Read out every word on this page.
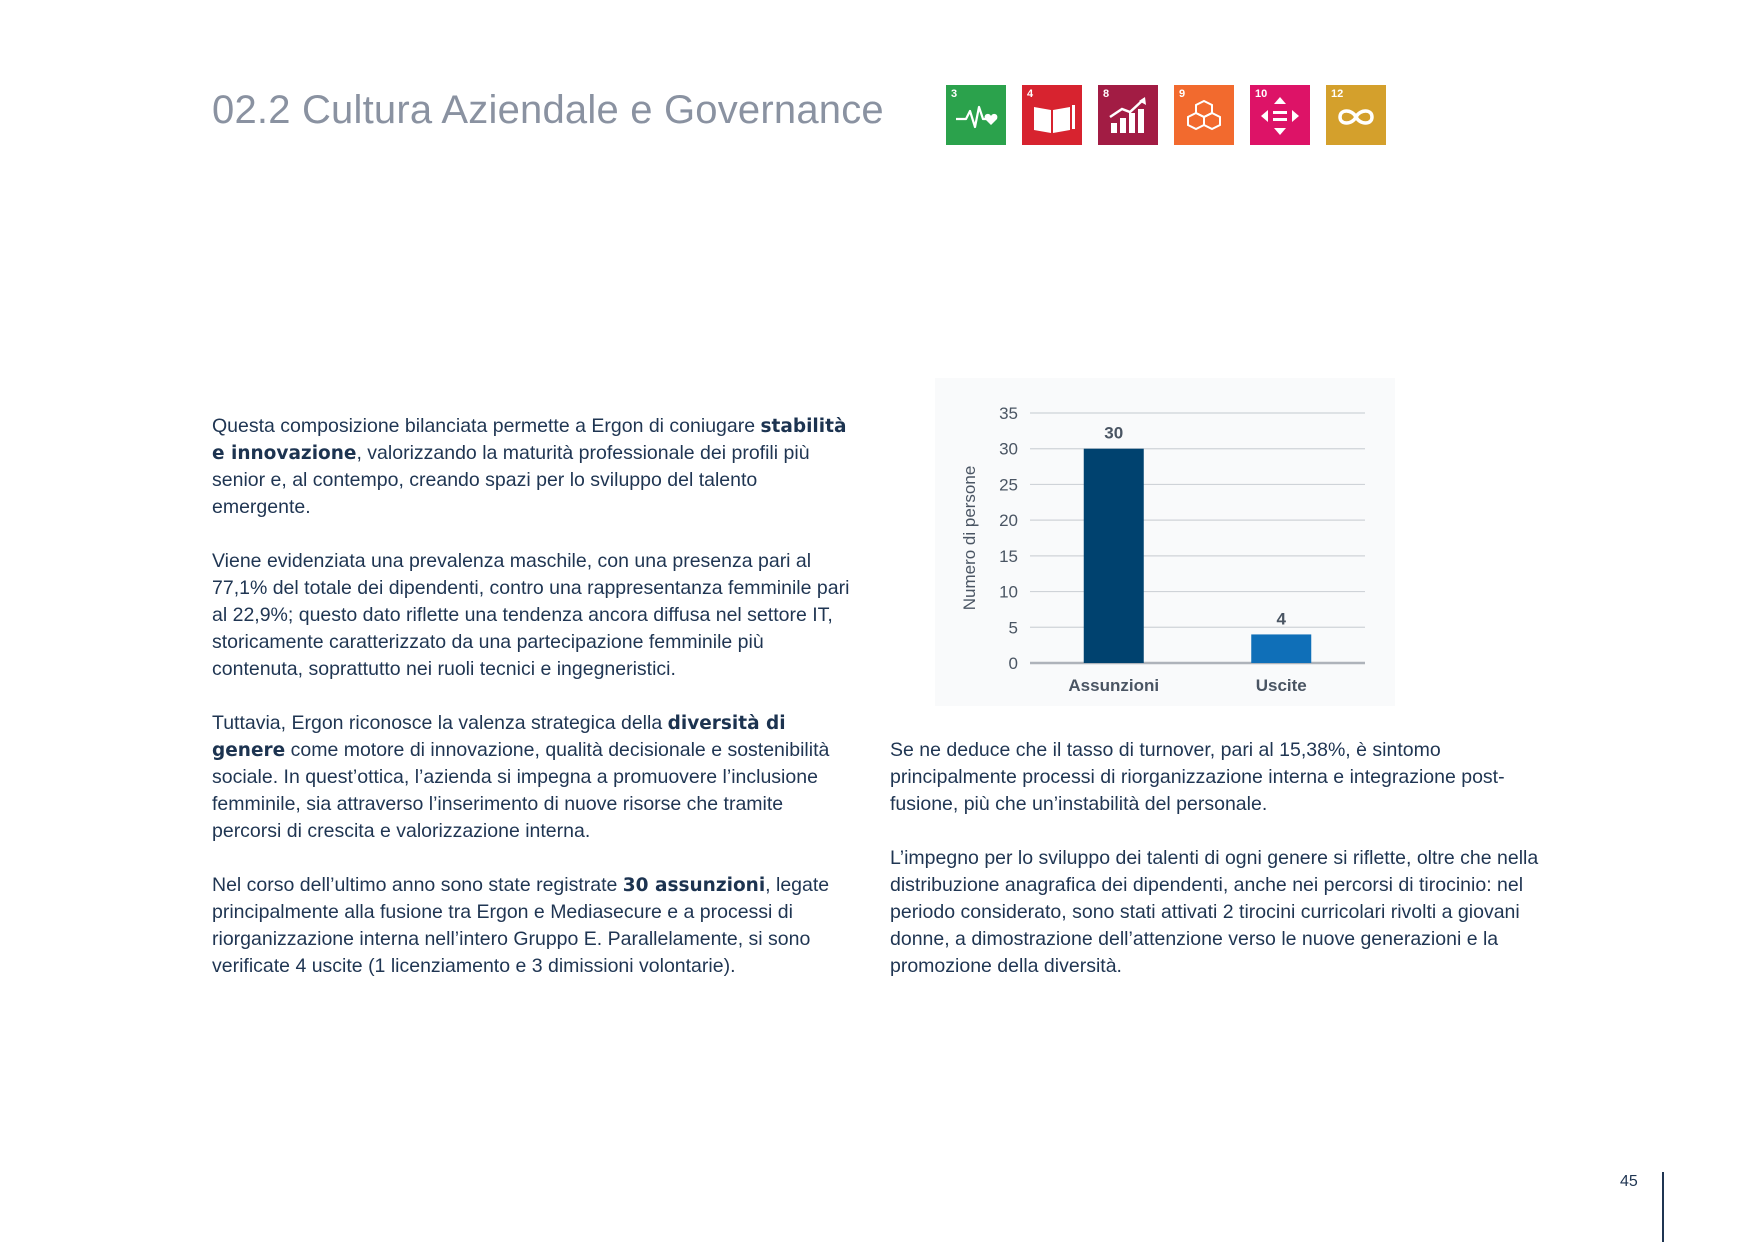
02.2 Cultura Aziendale e Governance	3	4	8	9	10	12

Questa composizione bilanciata permette a Ergon di coniugare stabilità e innovazione, valorizzando la maturità professionale dei profili più senior e, al contempo, creando spazi per lo sviluppo del talento emergente.

Viene evidenziata una prevalenza maschile, con una presenza pari al 77,1% del totale dei dipendenti, contro una rappresentanza femminile pari al 22,9%; questo dato riflette una tendenza ancora diffusa nel settore IT, storicamente caratterizzato da una partecipazione femminile più contenuta, soprattutto nei ruoli tecnici e ingegneristici.

Tuttavia, Ergon riconosce la valenza strategica della diversità di genere come motore di innovazione, qualità decisionale e sostenibilità sociale. In quest’ottica, l’azienda si impegna a promuovere l’inclusione femminile, sia attraverso l’inserimento di nuove risorse che tramite percorsi di crescita e valorizzazione interna.

Nel corso dell’ultimo anno sono state registrate 30 assunzioni, legate principalmente alla fusione tra Ergon e Mediasecure e a processi di riorganizzazione interna nell’intero Gruppo E. Parallelamente, si sono verificate 4 uscite (1 licenziamento e 3 dimissioni volontarie).

0
5
10
15
20
25
30
35
Numero di persone
30
Assunzioni
4
Uscite

Se ne deduce che il tasso di turnover, pari al 15,38%, è sintomo principalmente processi di riorganizzazione interna e integrazione post-fusione, più che un’instabilità del personale.

L’impegno per lo sviluppo dei talenti di ogni genere si riflette, oltre che nella distribuzione anagrafica dei dipendenti, anche nei percorsi di tirocinio: nel periodo considerato, sono stati attivati 2 tirocini curricolari rivolti a giovani donne, a dimostrazione dell’attenzione verso le nuove generazioni e la promozione della diversità.

45
